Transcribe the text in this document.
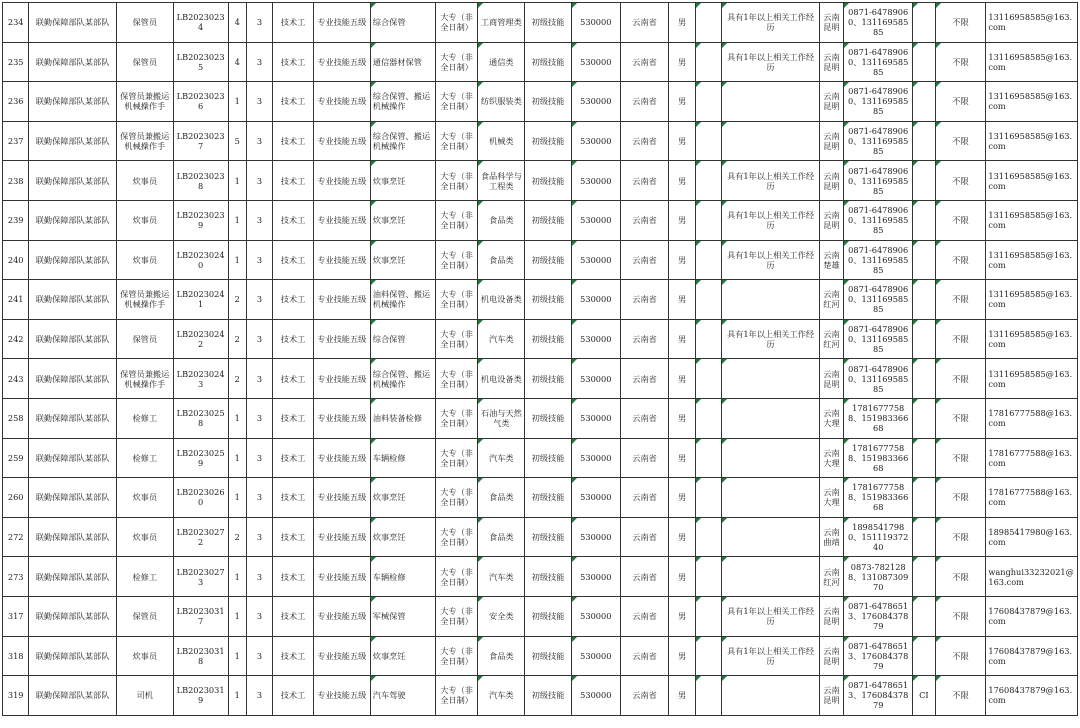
234	联勤保障部队某部队	保管员	LB20230234	4	3	技术工	专业技能五级	综合保管	大专（非全日制）	工商管理类	初级技能	530000	云南省	男		具有1年以上相关工作经历	云南昆明	0871-64789060、13116958585		不限	13116958585@163.com
235	联勤保障部队某部队	保管员	LB20230235	4	3	技术工	专业技能五级	通信器材保管	大专（非全日制）	通信类	初级技能	530000	云南省	男		具有1年以上相关工作经历	云南昆明	0871-64789060、13116958585		不限	13116958585@163.com
236	联勤保障部队某部队	保管员兼搬运机械操作手	LB20230236	1	3	技术工	专业技能五级	综合保管、搬运机械操作	大专（非全日制）	纺织服装类	初级技能	530000	云南省	男			云南昆明	0871-64789060、13116958585		不限	13116958585@163.com
237	联勤保障部队某部队	保管员兼搬运机械操作手	LB20230237	5	3	技术工	专业技能五级	综合保管、搬运机械操作	大专（非全日制）	机械类	初级技能	530000	云南省	男			云南昆明	0871-64789060、13116958585		不限	13116958585@163.com
238	联勤保障部队某部队	炊事员	LB20230238	1	3	技术工	专业技能五级	炊事烹饪	大专（非全日制）	食品科学与工程类	初级技能	530000	云南省	男		具有1年以上相关工作经历	云南昆明	0871-64789060、13116958585		不限	13116958585@163.com
239	联勤保障部队某部队	炊事员	LB20230239	1	3	技术工	专业技能五级	炊事烹饪	大专（非全日制）	食品类	初级技能	530000	云南省	男		具有1年以上相关工作经历	云南昆明	0871-64789060、13116958585		不限	13116958585@163.com
240	联勤保障部队某部队	炊事员	LB20230240	1	3	技术工	专业技能五级	炊事烹饪	大专（非全日制）	食品类	初级技能	530000	云南省	男		具有1年以上相关工作经历	云南楚雄	0871-64789060、13116958585		不限	13116958585@163.com
241	联勤保障部队某部队	保管员兼搬运机械操作手	LB20230241	2	3	技术工	专业技能五级	油料保管、搬运机械操作	大专（非全日制）	机电设备类	初级技能	530000	云南省	男			云南红河	0871-64789060、13116958585		不限	13116958585@163.com
242	联勤保障部队某部队	保管员	LB20230242	2	3	技术工	专业技能五级	综合保管	大专（非全日制）	汽车类	初级技能	530000	云南省	男		具有1年以上相关工作经历	云南红河	0871-64789060、13116958585		不限	13116958585@163.com
243	联勤保障部队某部队	保管员兼搬运机械操作手	LB20230243	2	3	技术工	专业技能五级	综合保管、搬运机械操作	大专（非全日制）	机电设备类	初级技能	530000	云南省	男			云南昆明	0871-64789060、13116958585		不限	13116958585@163.com
258	联勤保障部队某部队	检修工	LB20230258	1	3	技术工	专业技能五级	油料装备检修	大专（非全日制）	石油与天然气类	初级技能	530000	云南省	男			云南大理	17816777588、15198336668		不限	17816777588@163.com
259	联勤保障部队某部队	检修工	LB20230259	1	3	技术工	专业技能五级	车辆检修	大专（非全日制）	汽车类	初级技能	530000	云南省	男			云南大理	17816777588、15198336668		不限	17816777588@163.com
260	联勤保障部队某部队	炊事员	LB20230260	1	3	技术工	专业技能五级	炊事烹饪	大专（非全日制）	食品类	初级技能	530000	云南省	男			云南大理	17816777588、15198336668		不限	17816777588@163.com
272	联勤保障部队某部队	炊事员	LB20230272	2	3	技术工	专业技能五级	炊事烹饪	大专（非全日制）	食品类	初级技能	530000	云南省	男			云南曲靖	18985417980、15111937240		不限	18985417980@163.com
273	联勤保障部队某部队	检修工	LB20230273	1	3	技术工	专业技能五级	车辆检修	大专（非全日制）	汽车类	初级技能	530000	云南省	男			云南红河	0873-7821288、13108730970		不限	wanghui33232021@163.com
317	联勤保障部队某部队	保管员	LB20230317	1	3	技术工	专业技能五级	军械保管	大专（非全日制）	安全类	初级技能	530000	云南省	男		具有1年以上相关工作经历	云南昆明	0871-64786513、17608437879		不限	17608437879@163.com
318	联勤保障部队某部队	炊事员	LB20230318	1	3	技术工	专业技能五级	炊事烹饪	大专（非全日制）	食品类	初级技能	530000	云南省	男		具有1年以上相关工作经历	云南昆明	0871-64786513、17608437879		不限	17608437879@163.com
319	联勤保障部队某部队	司机	LB20230319	1	3	技术工	专业技能五级	汽车驾驶	大专（非全日制）	汽车类	初级技能	530000	云南省	男			云南昆明	0871-64786513、17608437879	CI	不限	17608437879@163.com
